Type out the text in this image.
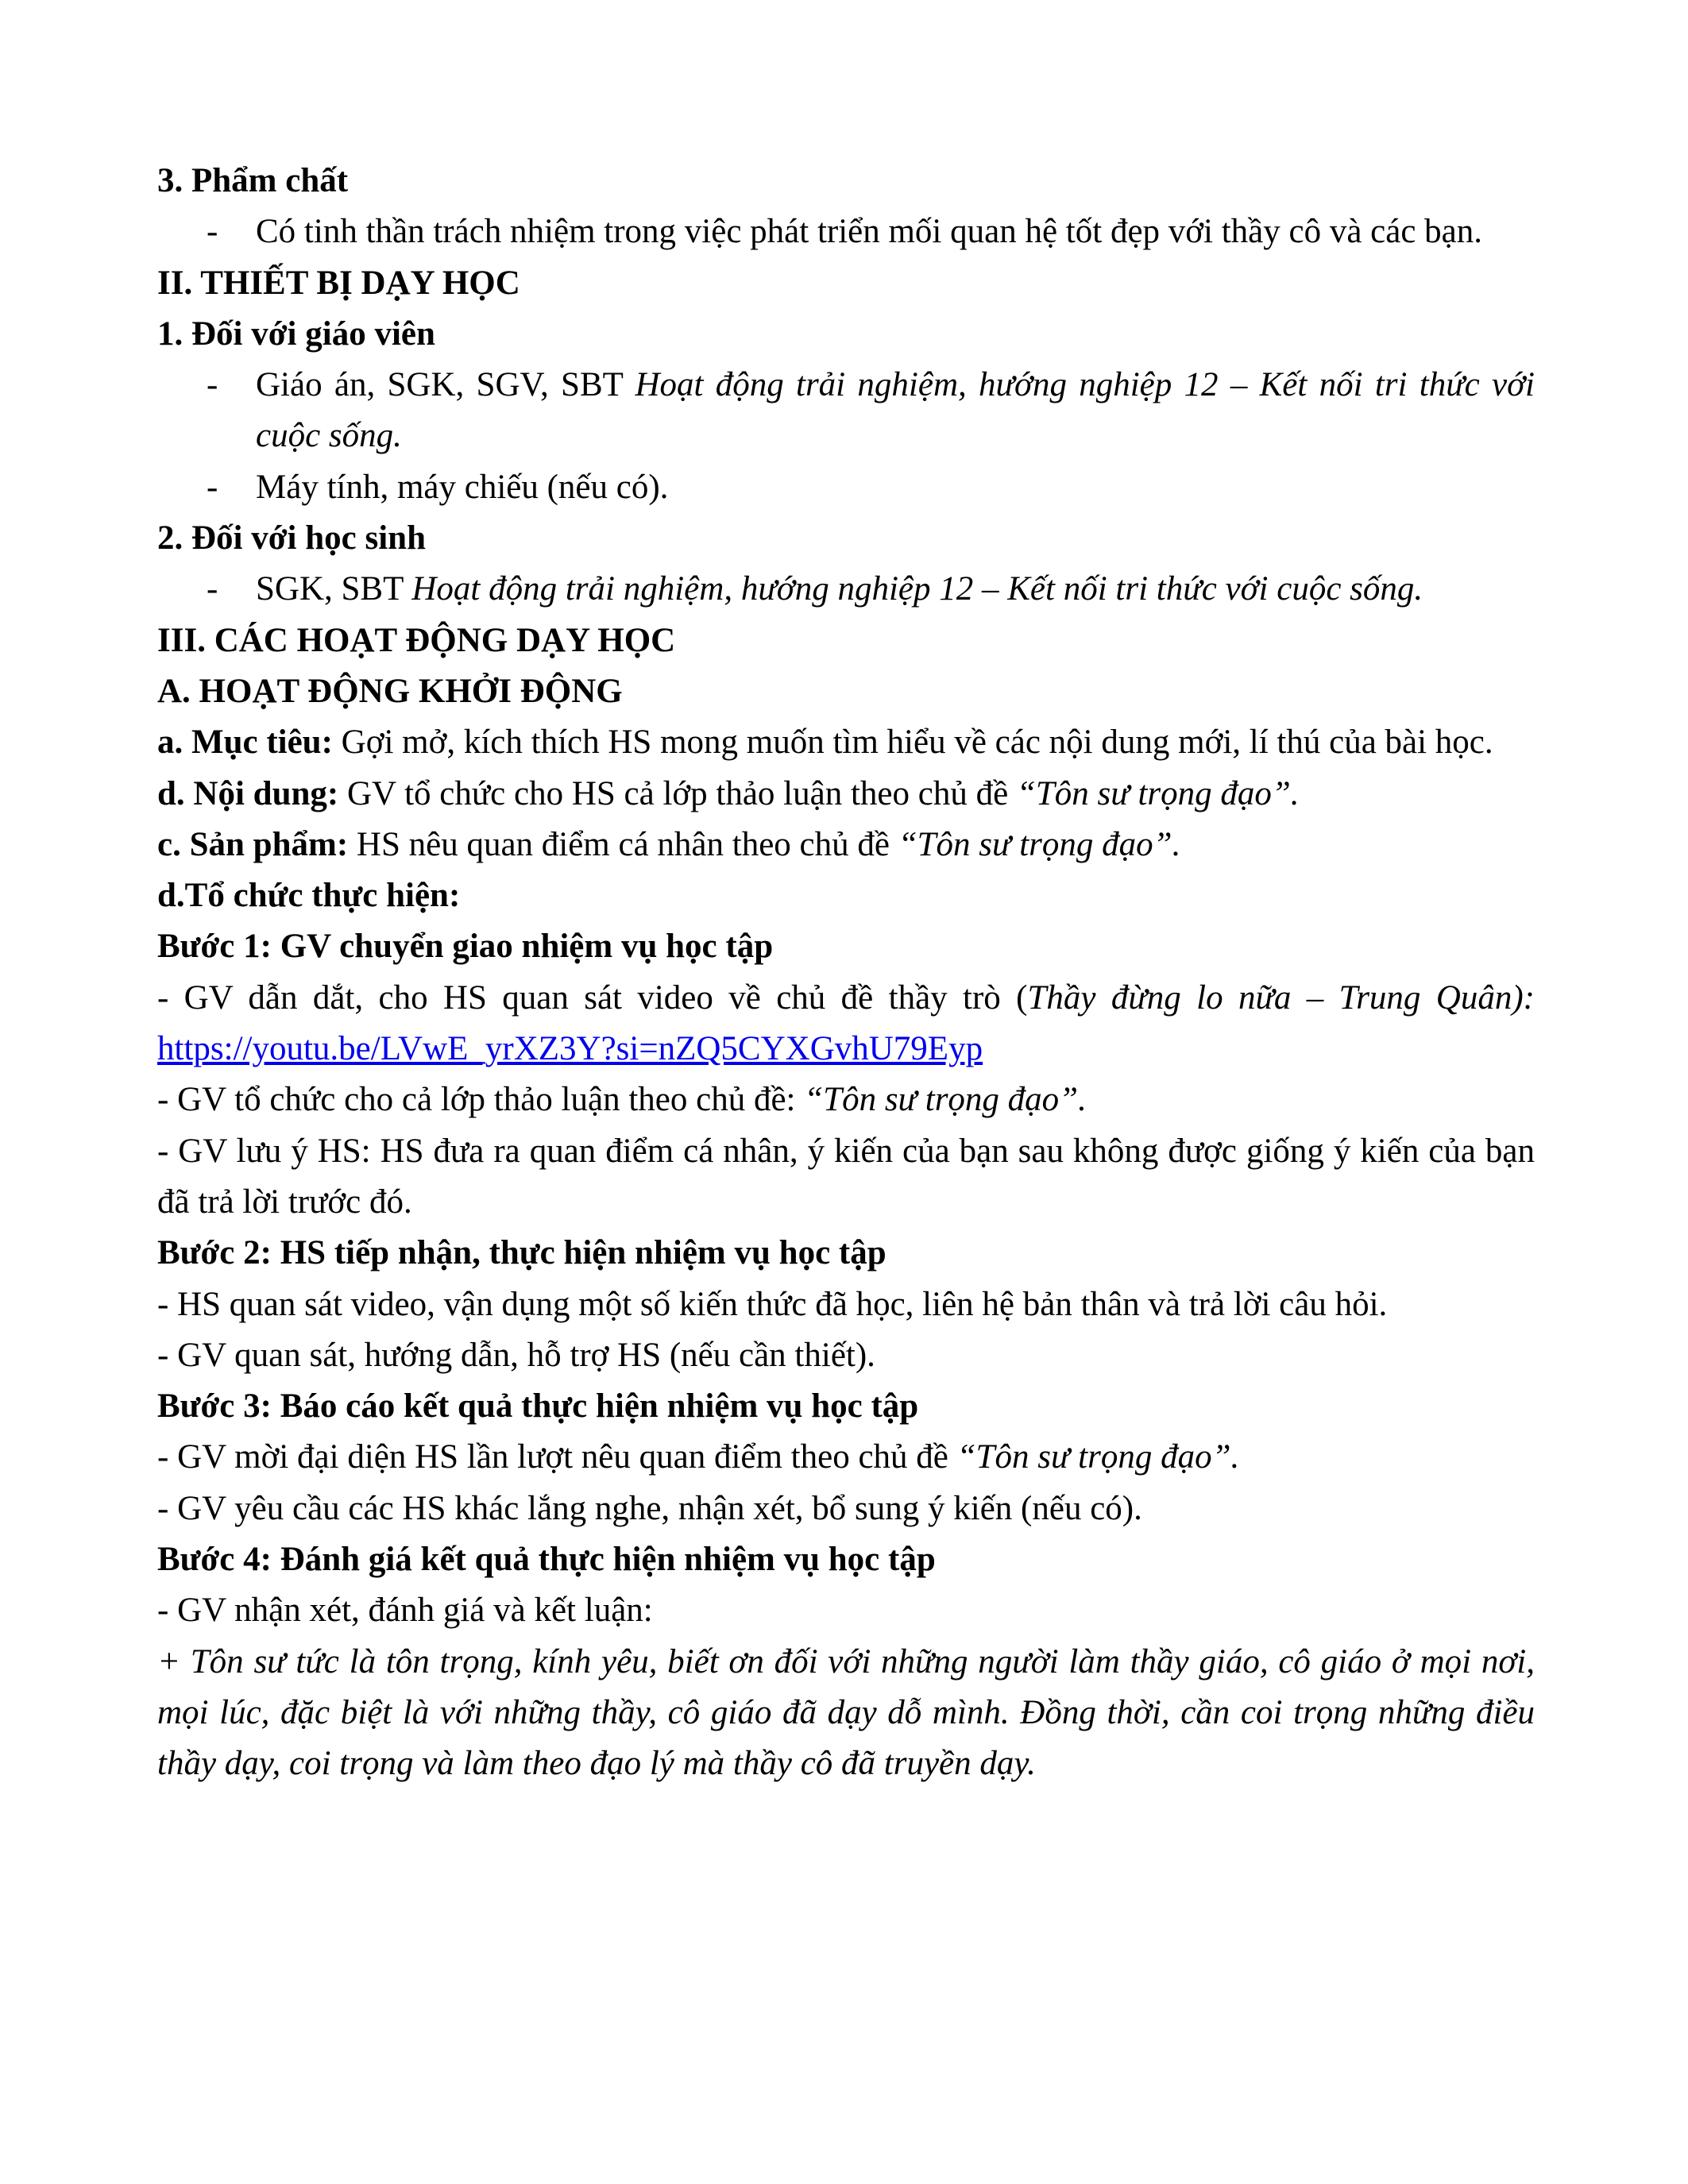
3. Phẩm chất

- Có tinh thần trách nhiệm trong việc phát triển mối quan hệ tốt đẹp với thầy cô và các bạn.

II. THIẾT BỊ DẠY HỌC

1. Đối với giáo viên

- Giáo án, SGK, SGV, SBT Hoạt động trải nghiệm, hướng nghiệp 12 – Kết nối tri thức với cuộc sống.

- Máy tính, máy chiếu (nếu có).

2. Đối với học sinh

- SGK, SBT Hoạt động trải nghiệm, hướng nghiệp 12 – Kết nối tri thức với cuộc sống.

III. CÁC HOẠT ĐỘNG DẠY HỌC

A. HOẠT ĐỘNG KHỞI ĐỘNG

a. Mục tiêu: Gợi mở, kích thích HS mong muốn tìm hiểu về các nội dung mới, lí thú của bài học.

d. Nội dung: GV tổ chức cho HS cả lớp thảo luận theo chủ đề “Tôn sư trọng đạo”.

c. Sản phẩm: HS nêu quan điểm cá nhân theo chủ đề “Tôn sư trọng đạo”.

d.Tổ chức thực hiện:

Bước 1: GV chuyển giao nhiệm vụ học tập

- GV dẫn dắt, cho HS quan sát video về chủ đề thầy trò (Thầy đừng lo nữa – Trung Quân): https://youtu.be/LVwE_yrXZ3Y?si=nZQ5CYXGvhU79Eyp

- GV tổ chức cho cả lớp thảo luận theo chủ đề: “Tôn sư trọng đạo”.

- GV lưu ý HS: HS đưa ra quan điểm cá nhân, ý kiến của bạn sau không được giống ý kiến của bạn đã trả lời trước đó.

Bước 2: HS tiếp nhận, thực hiện nhiệm vụ học tập

- HS quan sát video, vận dụng một số kiến thức đã học, liên hệ bản thân và trả lời câu hỏi.

- GV quan sát, hướng dẫn, hỗ trợ HS (nếu cần thiết).

Bước 3: Báo cáo kết quả thực hiện nhiệm vụ học tập

- GV mời đại diện HS lần lượt nêu quan điểm theo chủ đề “Tôn sư trọng đạo”.

- GV yêu cầu các HS khác lắng nghe, nhận xét, bổ sung ý kiến (nếu có).

Bước 4: Đánh giá kết quả thực hiện nhiệm vụ học tập

- GV nhận xét, đánh giá và kết luận:

+ Tôn sư tức là tôn trọng, kính yêu, biết ơn đối với những người làm thầy giáo, cô giáo ở mọi nơi, mọi lúc, đặc biệt là với những thầy, cô giáo đã dạy dỗ mình. Đồng thời, cần coi trọng những điều thầy dạy, coi trọng và làm theo đạo lý mà thầy cô đã truyền dạy.
